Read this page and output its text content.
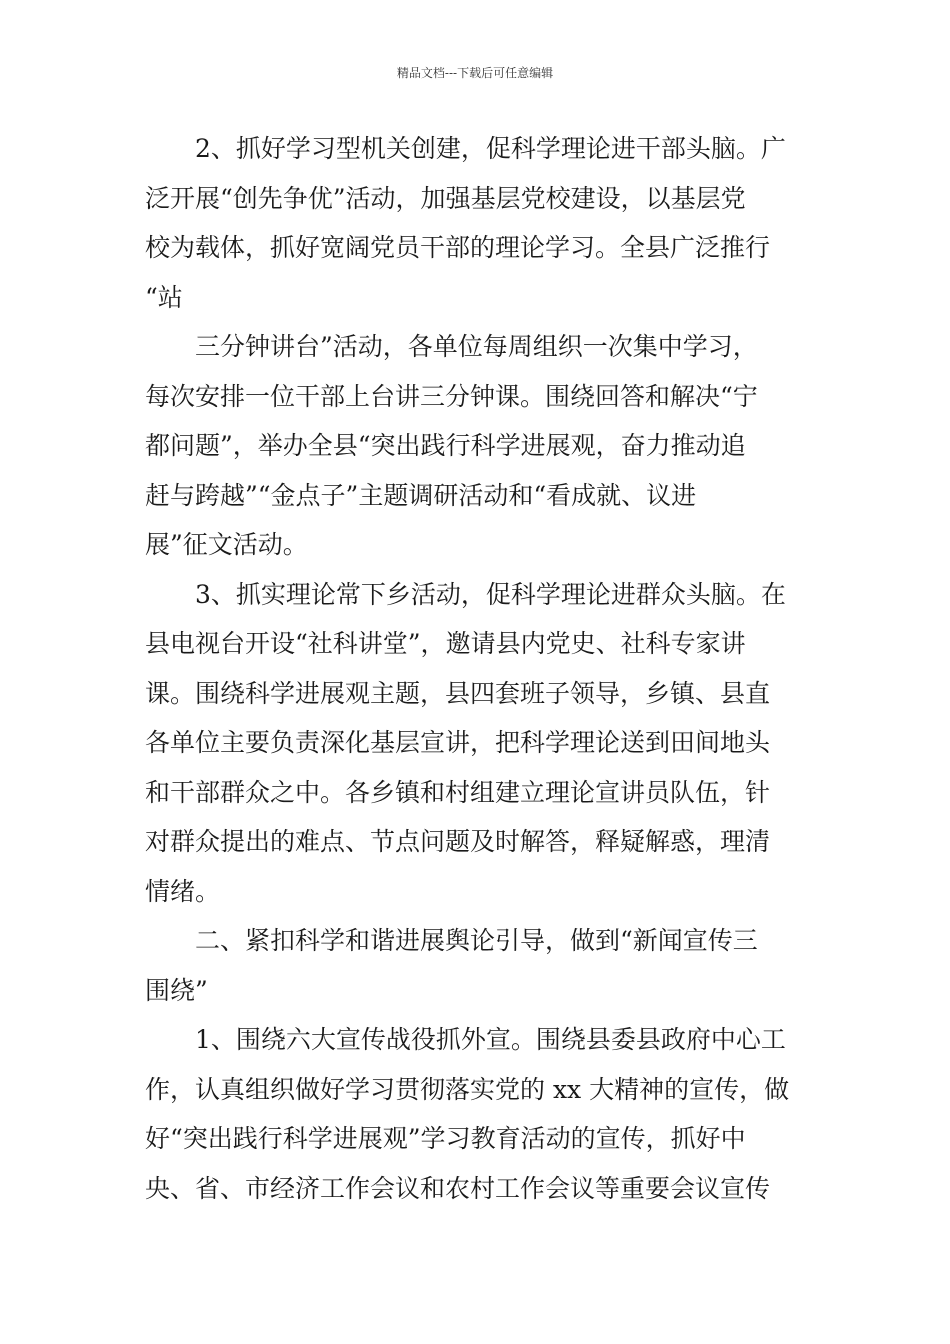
精品文档---下载后可任意编辑
2、抓好学习型机关创建，促科学理论进干部头脑。广
泛开展“创先争优”活动，加强基层党校建设，以基层党
校为载体，抓好宽阔党员干部的理论学习。全县广泛推行
“站
三分钟讲台”活动，各单位每周组织一次集中学习，
每次安排一位干部上台讲三分钟课。围绕回答和解决“宁
都问题”，举办全县“突出践行科学进展观，奋力推动追
赶与跨越”“金点子”主题调研活动和“看成就、议进
展”征文活动。
3、抓实理论常下乡活动，促科学理论进群众头脑。在
县电视台开设“社科讲堂”，邀请县内党史、社科专家讲
课。围绕科学进展观主题，县四套班子领导，乡镇、县直
各单位主要负责深化基层宣讲，把科学理论送到田间地头
和干部群众之中。各乡镇和村组建立理论宣讲员队伍，针
对群众提出的难点、节点问题及时解答，释疑解惑，理清
情绪。
二、紧扣科学和谐进展舆论引导，做到“新闻宣传三
围绕”
1、围绕六大宣传战役抓外宣。围绕县委县政府中心工
作，认真组织做好学习贯彻落实党的 xx 大精神的宣传，做
好“突出践行科学进展观”学习教育活动的宣传，抓好中
央、省、市经济工作会议和农村工作会议等重要会议宣传
